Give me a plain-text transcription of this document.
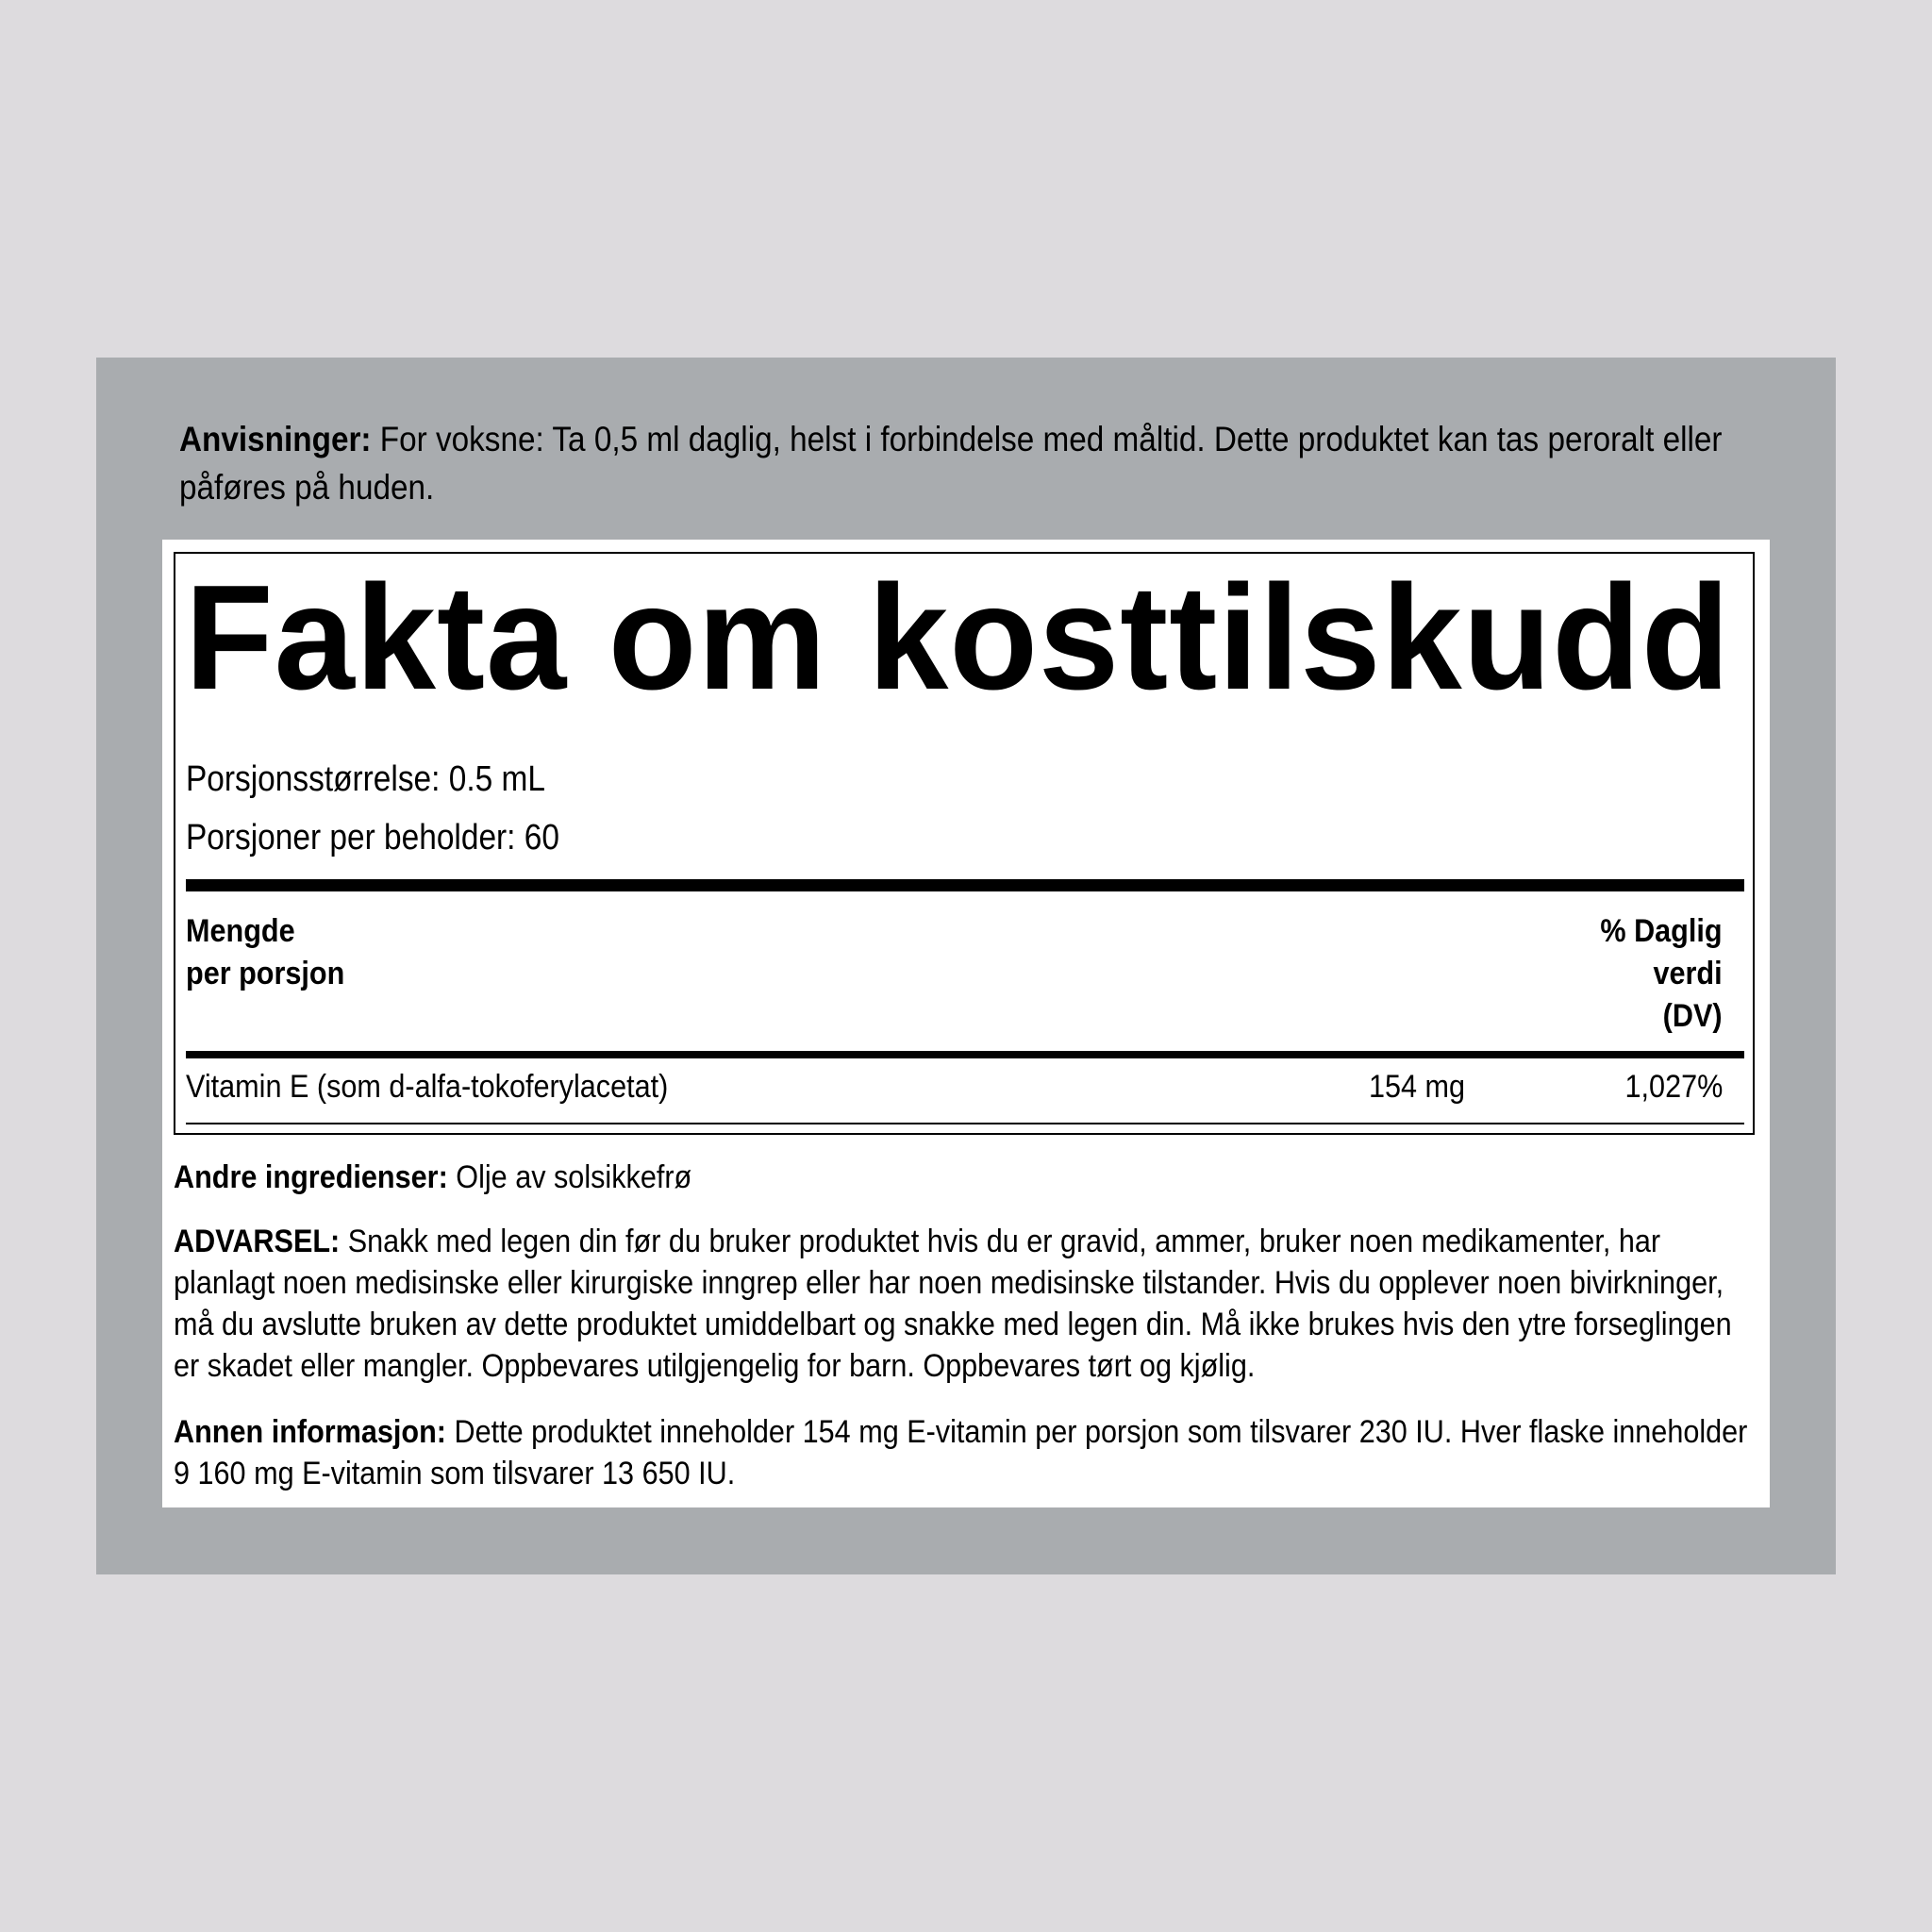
Anvisninger: For voksne: Ta 0,5 ml daglig, helst i forbindelse med måltid. Dette produktet kan tas peroralt eller påføres på huden.
Fakta om kosttilskudd
Porsjonsstørrelse: 0.5 mL
Porsjoner per beholder: 60
Mengde
per porsjon
% Daglig
verdi
(DV)
Vitamin E (som d-alfa-tokoferylacetat)	154 mg	1,027%
Andre ingredienser: Olje av solsikkefrø
ADVARSEL: Snakk med legen din før du bruker produktet hvis du er gravid, ammer, bruker noen medikamenter, har planlagt noen medisinske eller kirurgiske inngrep eller har noen medisinske tilstander. Hvis du opplever noen bivirkninger, må du avslutte bruken av dette produktet umiddelbart og snakke med legen din. Må ikke brukes hvis den ytre forseglingen er skadet eller mangler. Oppbevares utilgjengelig for barn. Oppbevares tørt og kjølig.
Annen informasjon: Dette produktet inneholder 154 mg E-vitamin per porsjon som tilsvarer 230 IU. Hver flaske inneholder 9 160 mg E-vitamin som tilsvarer 13 650 IU.
